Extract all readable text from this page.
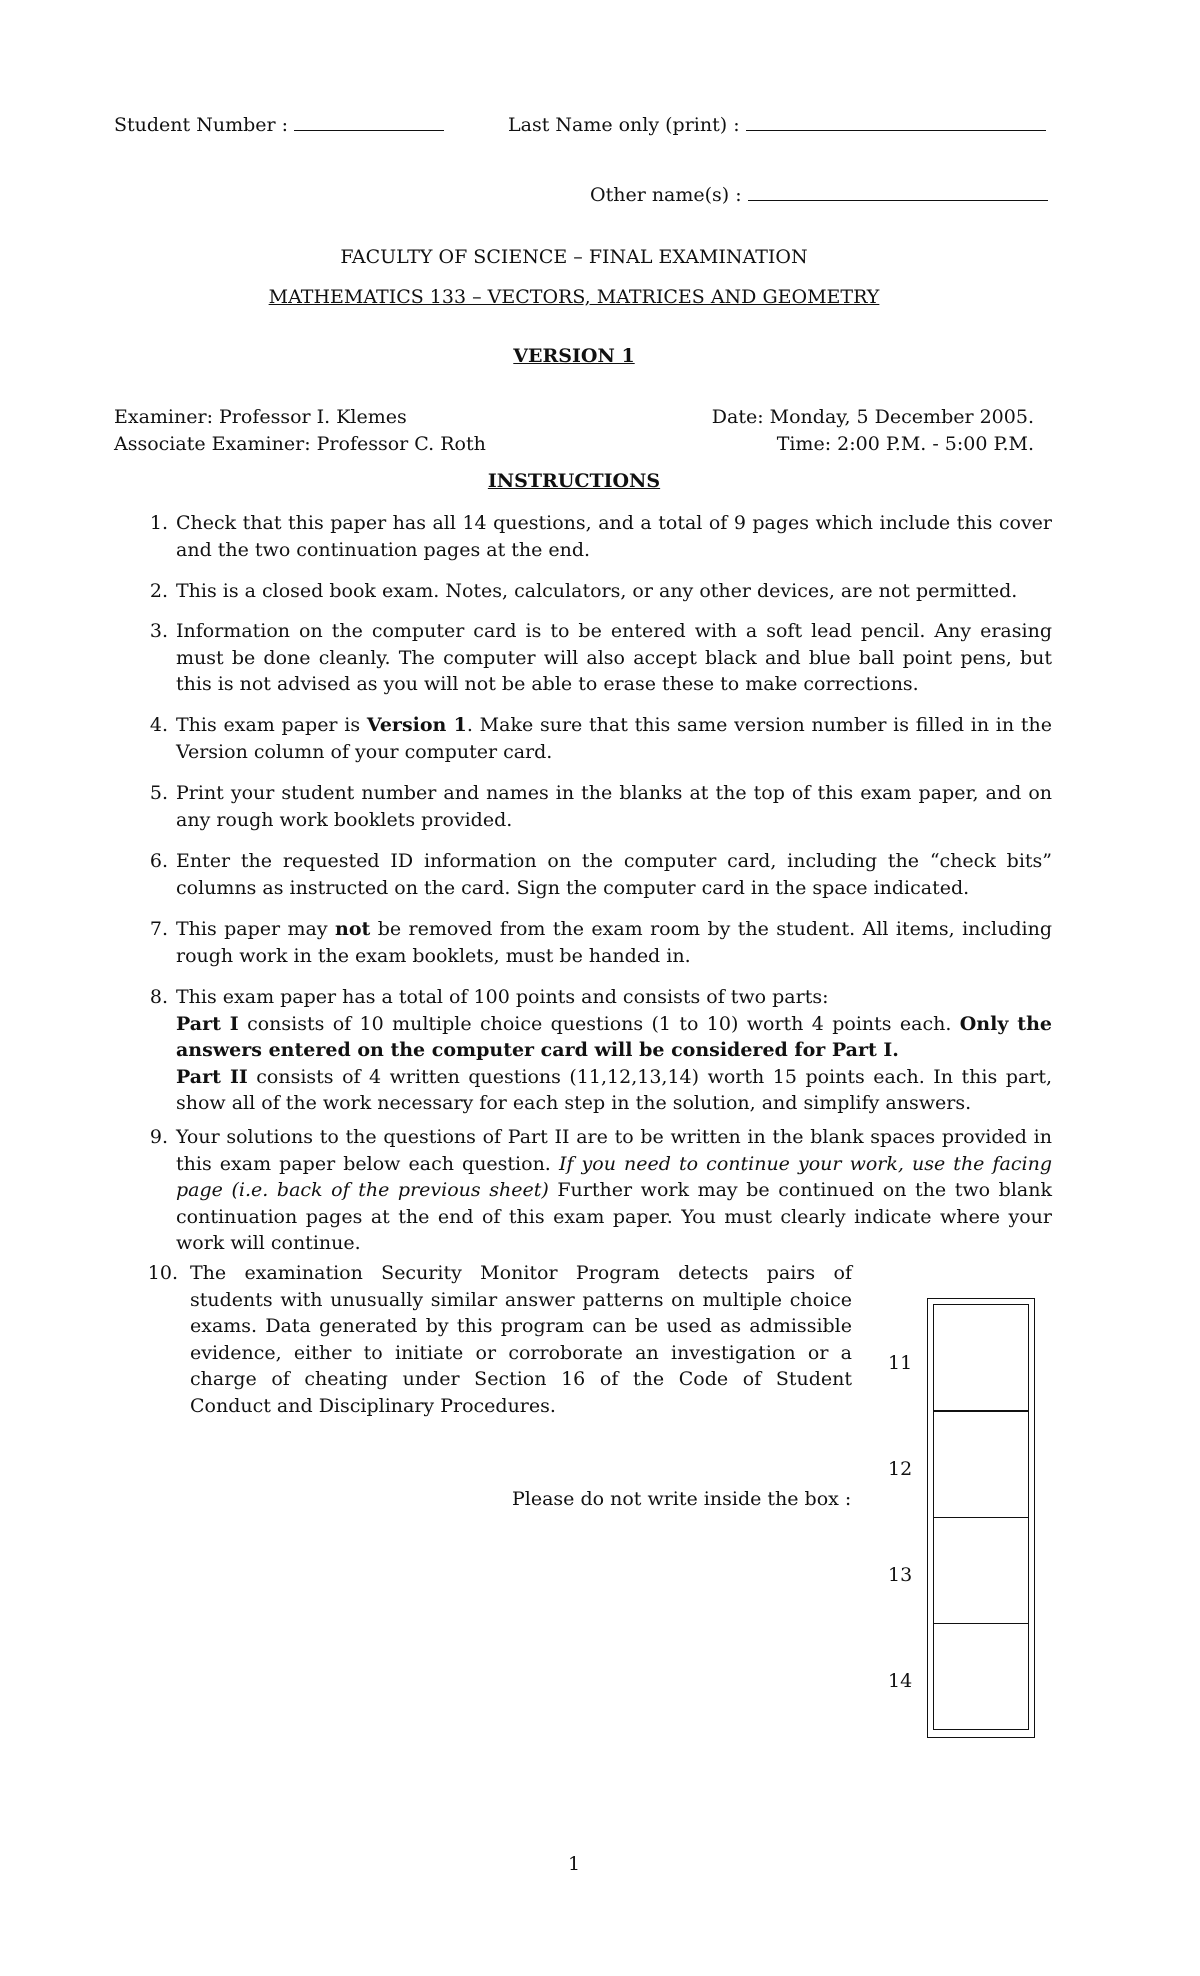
Student Number :	Last Name only (print) :
Other name(s) :
FACULTY OF SCIENCE – FINAL EXAMINATION
MATHEMATICS 133 – VECTORS, MATRICES AND GEOMETRY
VERSION 1
Examiner: Professor I. Klemes
Associate Examiner: Professor C. Roth
Date: Monday, 5 December 2005.
Time: 2:00 P.M. - 5:00 P.M.
INSTRUCTIONS
1. Check that this paper has all 14 questions, and a total of 9 pages which include this cover and the two continuation pages at the end.
2. This is a closed book exam. Notes, calculators, or any other devices, are not permitted.
3. Information on the computer card is to be entered with a soft lead pencil. Any erasing must be done cleanly. The computer will also accept black and blue ball point pens, but this is not advised as you will not be able to erase these to make corrections.
4. This exam paper is Version 1. Make sure that this same version number is filled in in the Version column of your computer card.
5. Print your student number and names in the blanks at the top of this exam paper, and on any rough work booklets provided.
6. Enter the requested ID information on the computer card, including the “check bits” columns as instructed on the card. Sign the computer card in the space indicated.
7. This paper may not be removed from the exam room by the student. All items, including rough work in the exam booklets, must be handed in.
8. This exam paper has a total of 100 points and consists of two parts:
Part I consists of 10 multiple choice questions (1 to 10) worth 4 points each. Only the answers entered on the computer card will be considered for Part I.
Part II consists of 4 written questions (11,12,13,14) worth 15 points each. In this part, show all of the work necessary for each step in the solution, and simplify answers.
9. Your solutions to the questions of Part II are to be written in the blank spaces provided in this exam paper below each question. If you need to continue your work, use the facing page (i.e. back of the previous sheet) Further work may be continued on the two blank continuation pages at the end of this exam paper. You must clearly indicate where your work will continue.
10. The examination Security Monitor Program detects pairs of students with unusually similar answer patterns on multiple choice exams. Data generated by this program can be used as admissible evidence, either to initiate or corroborate an investigation or a charge of cheating under Section 16 of the Code of Student Conduct and Disciplinary Procedures.
Please do not write inside the box :
11
12
13
14
1
